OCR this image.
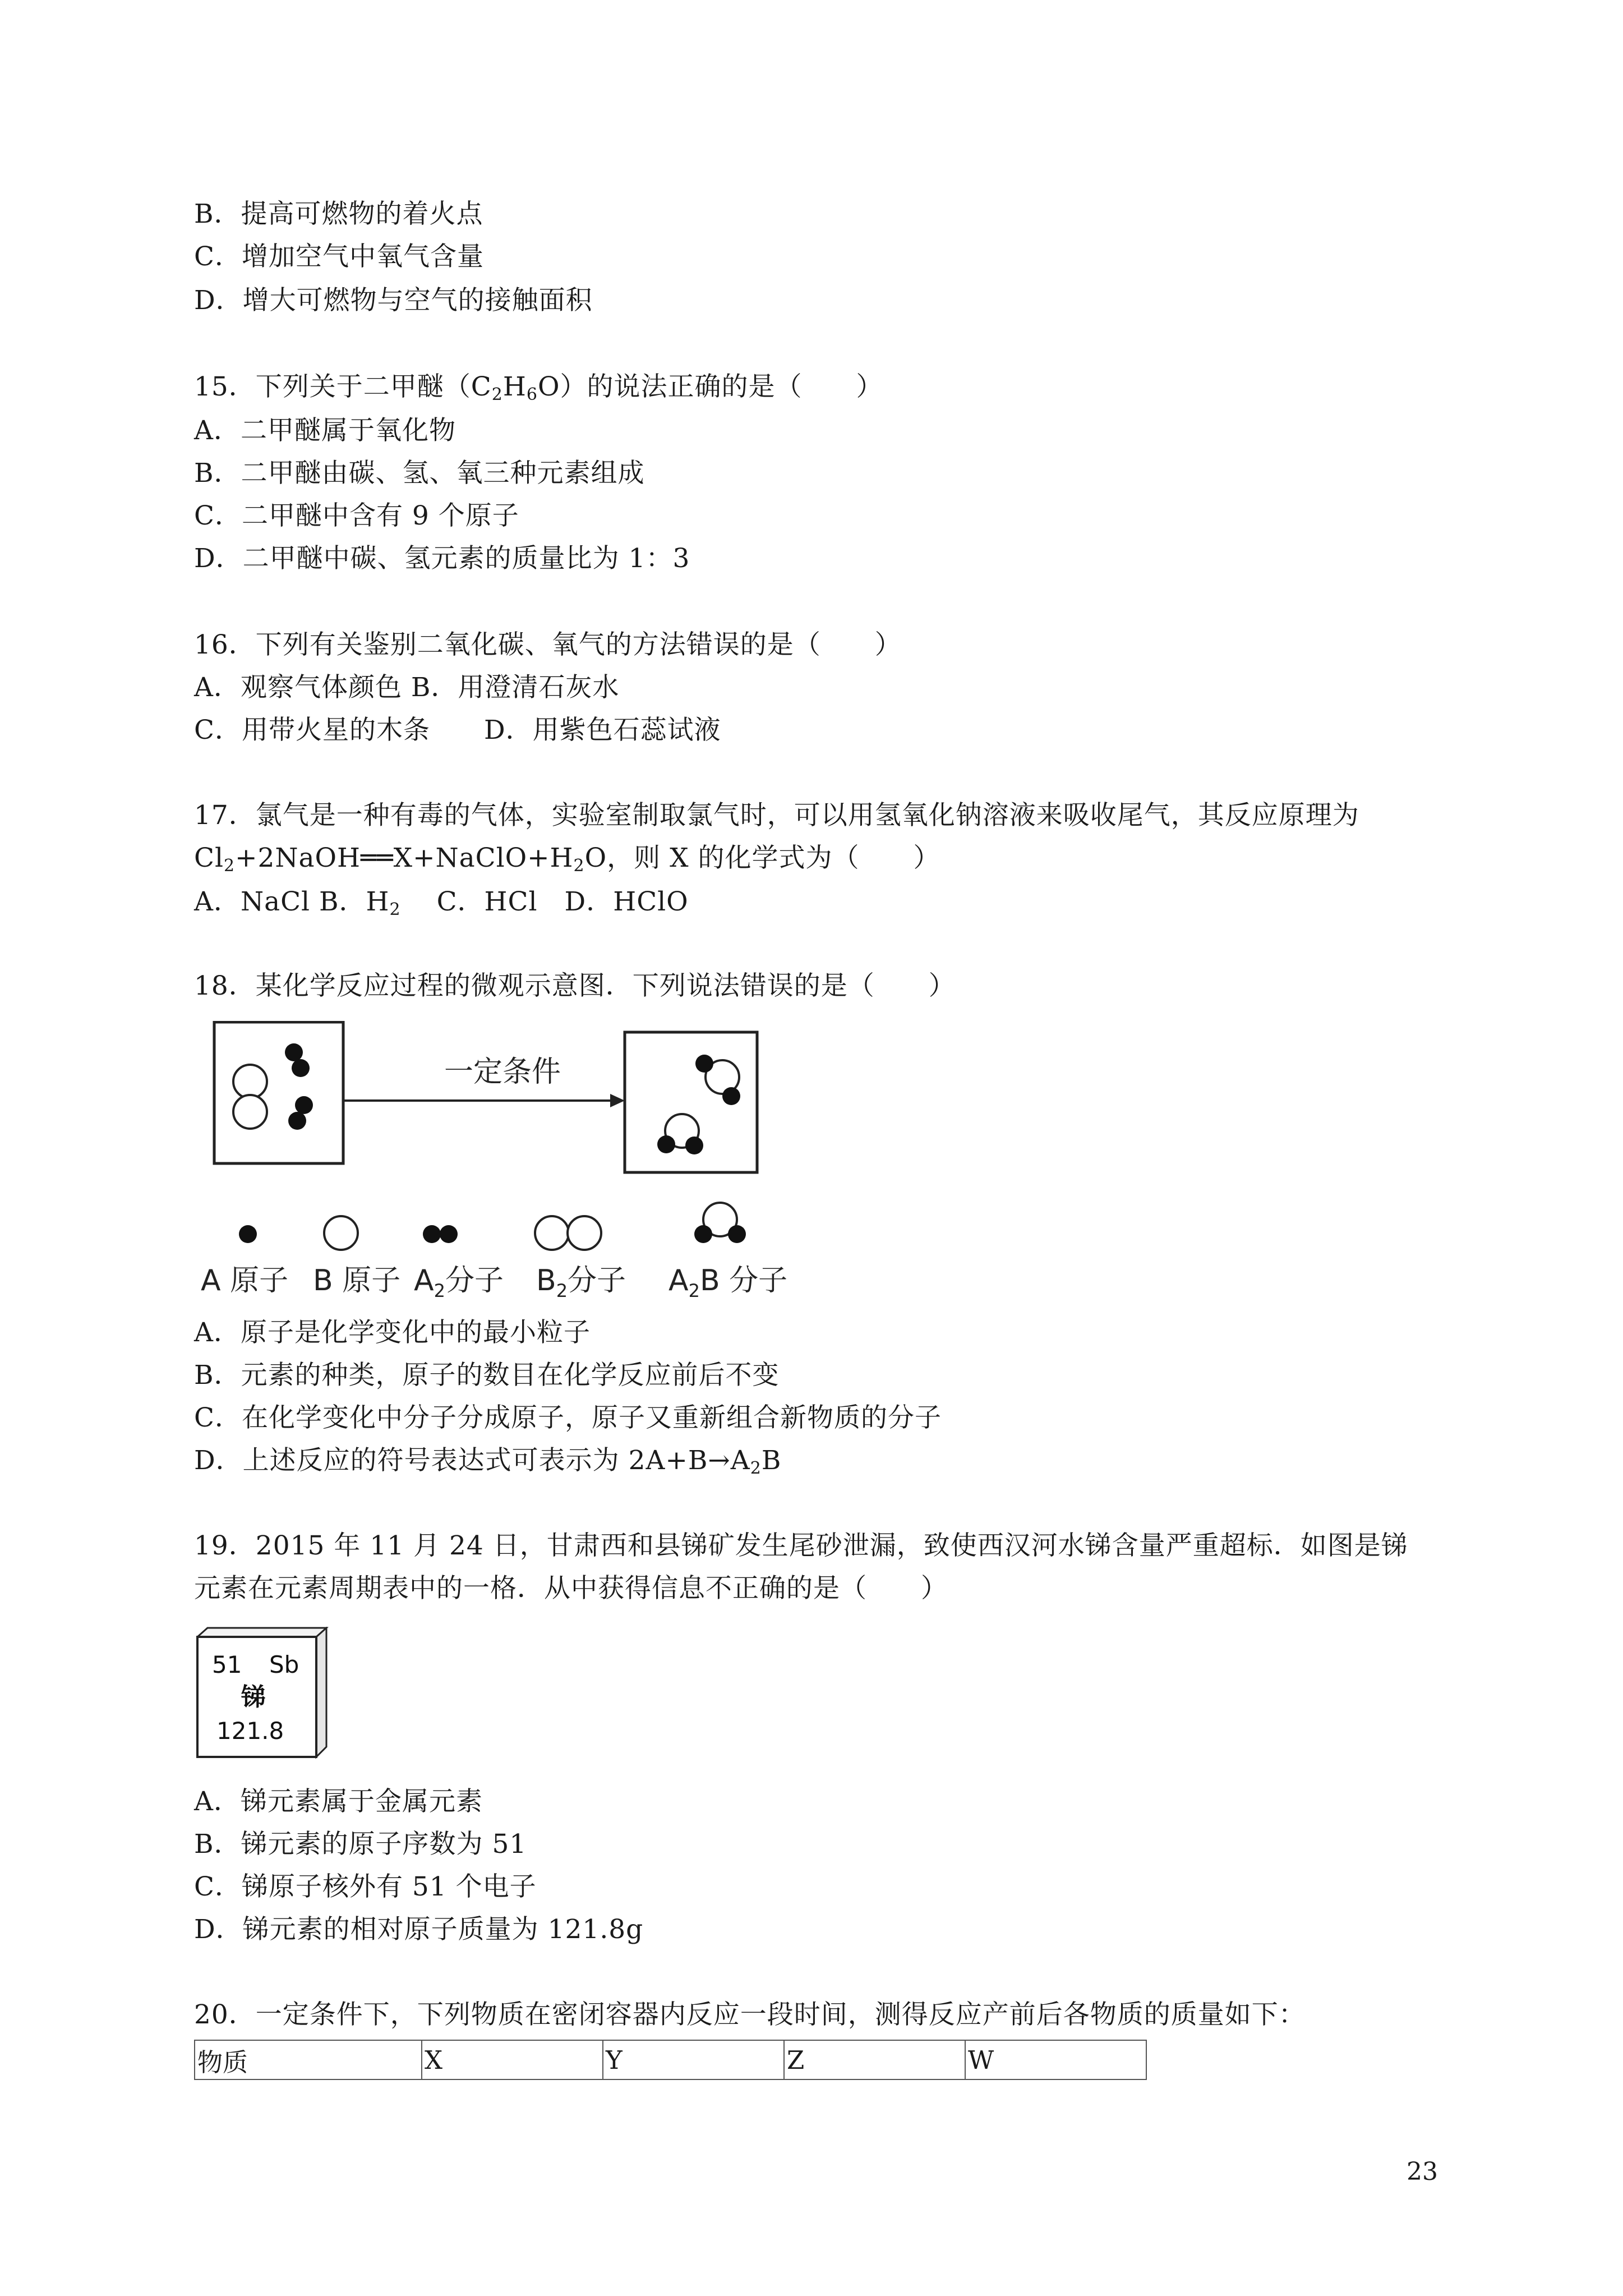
B．提高可燃物的着火点
C．增加空气中氧气含量
D．增大可燃物与空气的接触面积
15．下列关于二甲醚$(C_2H_6O)$的说法正确的是（　　）
A．二甲醚属于氧化物
B．二甲醚由碳、氢、氧三种元素组成
C．二甲醚中含有 9 个原子
D．二甲醚中碳、氢元素的质量比为 1：3
16．下列有关鉴别二氧化碳、氧气的方法错误的是（　　）
A．观察气体颜色 B．用澄清石灰水
C．用带火星的木条　　D．用紫色石蕊试液
17．氯气是一种有毒的气体，实验室制取氯气时，可以用氢氧化钠溶液来吸收尾气，其反应原理为
$Cl_2+2NaOH══X+NaClO+H_2O$，则 X 的化学式为（　　）
A．NaCl B．$H_2$　 C．HCl　D．HClO
18．某化学反应过程的微观示意图．下列说法错误的是（　　）
一定条件
A 原子 B 原子 $A_2$分子 $B_2$分子 $A_2B$ 分子
A．原子是化学变化中的最小粒子
B．元素的种类，原子的数目在化学反应前后不变
C．在化学变化中分子分成原子，原子又重新组合新物质的分子
D．上述反应的符号表达式可表示为 $2A+B\to A_2B$
19．2015 年 11 月 24 日，甘肃西和县锑矿发生尾砂泄漏，致使西汉河水锑含量严重超标．如图是锑
元素在元素周期表中的一格．从中获得信息不正确的是（　　）
51 Sb
锑
121.8
A．锑元素属于金属元素
B．锑元素的原子序数为 51
C．锑原子核外有 51 个电子
D．锑元素的相对原子质量为 121.8g
20．一定条件下，下列物质在密闭容器内反应一段时间，测得反应产前后各物质的质量如下：
物质	X	Y	Z	W
23
